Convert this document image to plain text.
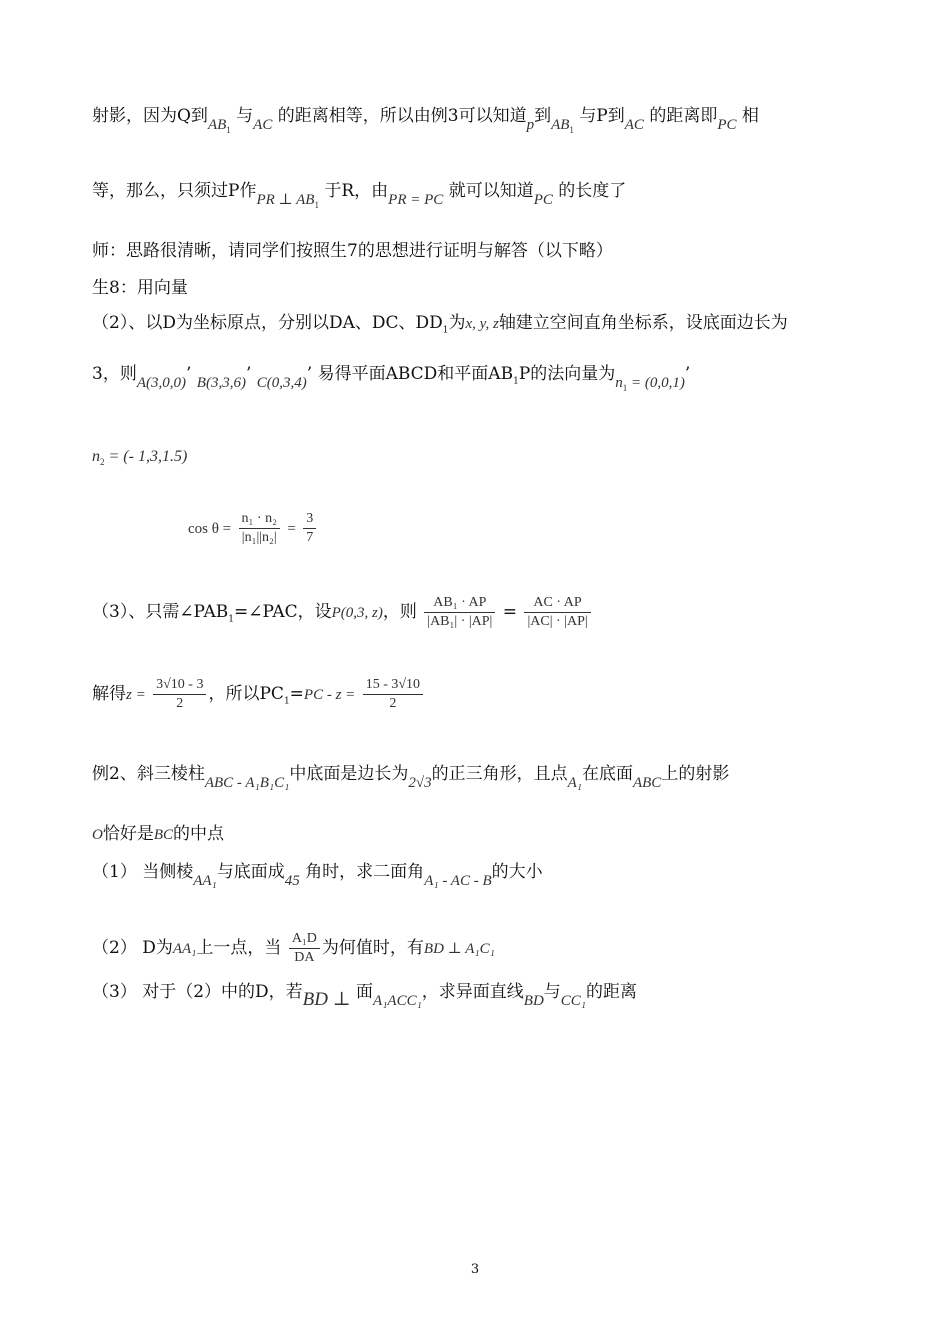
射影，因为Q到$AB_1$ 与AC 的距离相等，所以由例3可以知道p到$AB_1$ 与P到AC 的距离即PC 相
等，那么，只须过P作PR ⊥ $AB_1$ 于R，由PR = PC 就可以知道PC 的长度了
师：思路很清晰，请同学们按照生7的思想进行证明与解答（以下略）
生8：用向量
（2）、以D为坐标原点，分别以DA、DC、$DD_1$为x, y, z轴建立空间直角坐标系，设底面边长为
3，则A(3,0,0)’ B(3,3,6)’ C(0,3,4)’ 易得平面ABCD和平面$AB_1P$的法向量为$n_1 = (0,0,1)$’
$n_2$ = (- 1,3,1.5)
$\cos \theta = \frac{\text{n₁ · n₂}}{\text{|n₁||n₂|}} = \frac{3}{7}$
（3）、只需$\angle PAB_1=\angle PAC$，设P(0,3, z)，则 $\frac{\text{AB₁ · AP}}{\text{|AB₁| · |AP|}} = \frac{AC \cdot AP}{|AC| \cdot |AP|}$
解得$z = \frac{3√10 - 3}{2}$ ，所以$PC_1=PC - z = \frac{15 - 3√10}{2}$
例2、斜三棱柱ABC - A₁B₁C₁中底面是边长为2√3的正三角形，且点A₁在底面ABC上的射影
O恰好是BC的中点
（1） 当侧棱AA₁与底面成45 角时，求二面角A₁ - AC - B的大小
（2） D为AA₁上一点，当 $\frac{\text{A₁D}}{DA}$ 为何值时，有BD ⊥ A₁C₁
（3） 对于（2）中的D，若BD ⊥ 面A₁ACC₁，求异面直线BD与CC₁的距离
3
